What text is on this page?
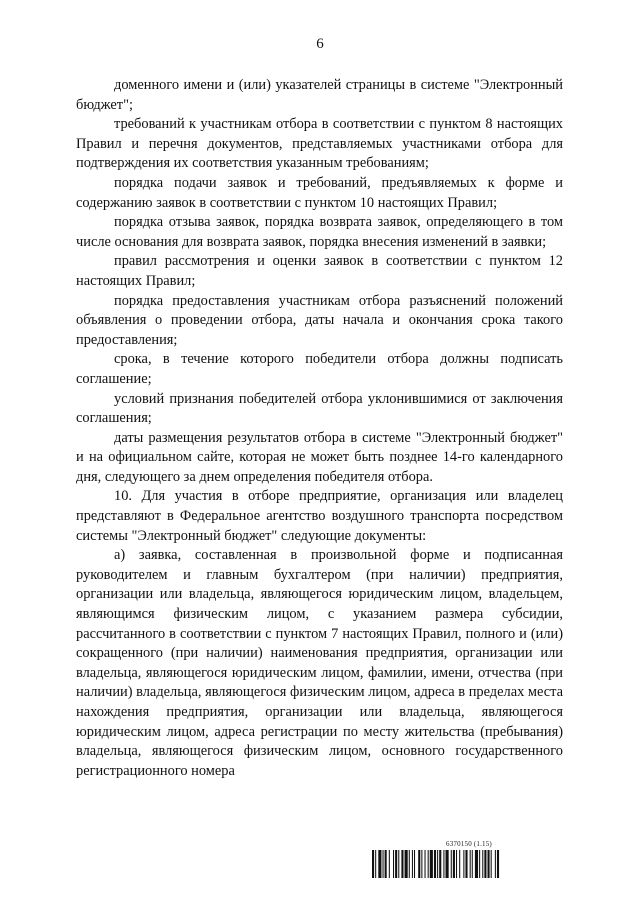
6

доменного имени и (или) указателей страницы в системе "Электронный бюджет";

требований к участникам отбора в соответствии с пунктом 8 настоящих Правил и перечня документов, представляемых участниками отбора для подтверждения их соответствия указанным требованиям;

порядка подачи заявок и требований, предъявляемых к форме и содержанию заявок в соответствии с пунктом 10 настоящих Правил;

порядка отзыва заявок, порядка возврата заявок, определяющего в том числе основания для возврата заявок, порядка внесения изменений в заявки;

правил рассмотрения и оценки заявок в соответствии с пунктом 12 настоящих Правил;

порядка предоставления участникам отбора разъяснений положений объявления о проведении отбора, даты начала и окончания срока такого предоставления;

срока, в течение которого победители отбора должны подписать соглашение;

условий признания победителей отбора уклонившимися от заключения соглашения;

даты размещения результатов отбора в системе "Электронный бюджет" и на официальном сайте, которая не может быть позднее 14-го календарного дня, следующего за днем определения победителя отбора.

10. Для участия в отборе предприятие, организация или владелец представляют в Федеральное агентство воздушного транспорта посредством системы "Электронный бюджет" следующие документы:

а) заявка, составленная в произвольной форме и подписанная руководителем и главным бухгалтером (при наличии) предприятия, организации или владельца, являющегося юридическим лицом, владельцем, являющимся физическим лицом, с указанием размера субсидии, рассчитанного в соответствии с пунктом 7 настоящих Правил, полного и (или) сокращенного (при наличии) наименования предприятия, организации или владельца, являющегося юридическим лицом, фамилии, имени, отчества (при наличии) владельца, являющегося физическим лицом, адреса в пределах места нахождения предприятия, организации или владельца, являющегося юридическим лицом, адреса регистрации по месту жительства (пребывания) владельца, являющегося физическим лицом, основного государственного регистрационного номера

6370150 (1.15)
